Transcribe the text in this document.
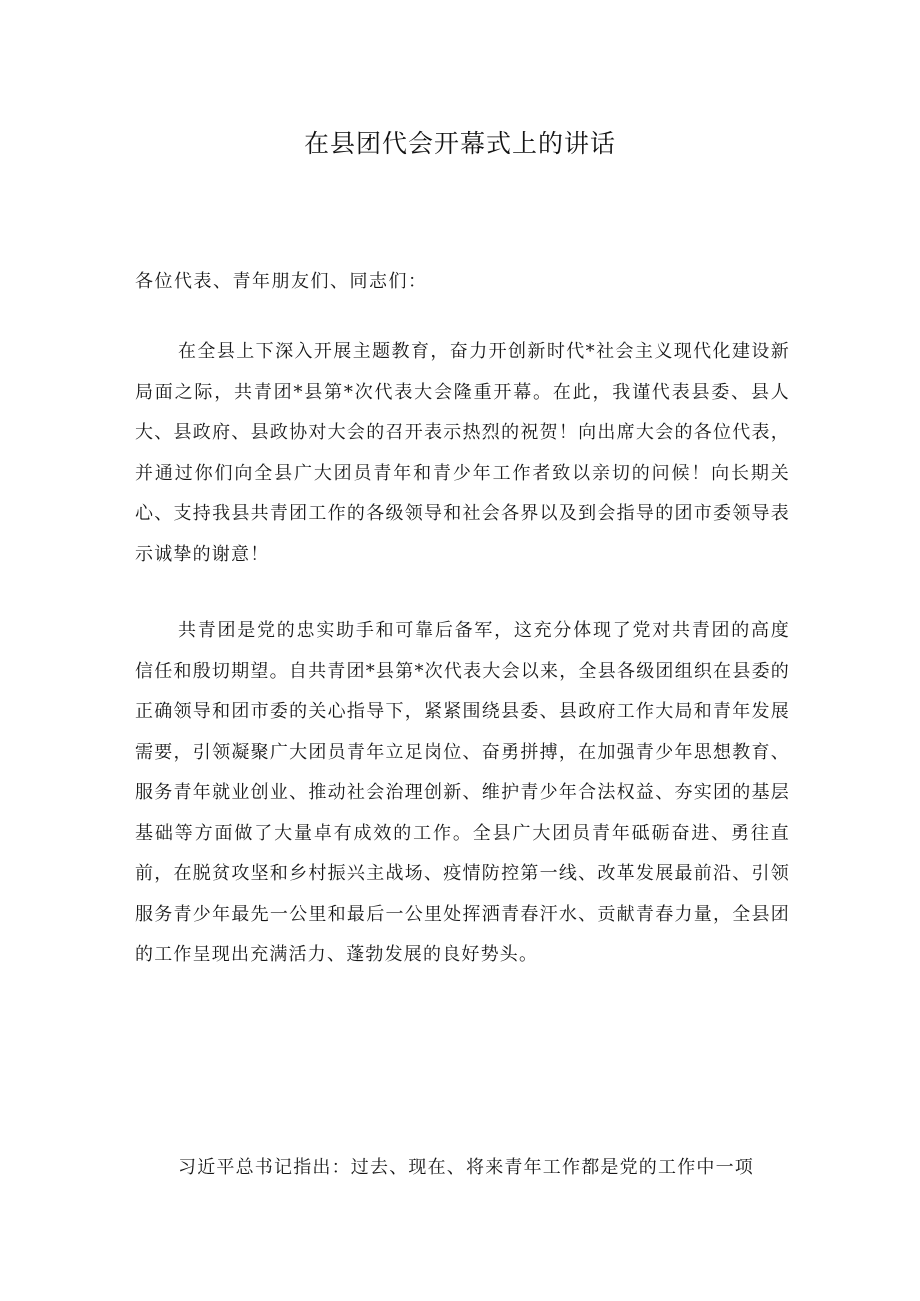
在县团代会开幕式上的讲话
各位代表、青年朋友们、同志们：

在全县上下深入开展主题教育，奋力开创新时代*社会主义现代化建设新局面之际，共青团*县第*次代表大会隆重开幕。在此，我谨代表县委、县人大、县政府、县政协对大会的召开表示热烈的祝贺！向出席大会的各位代表，并通过你们向全县广大团员青年和青少年工作者致以亲切的问候！向长期关心、支持我县共青团工作的各级领导和社会各界以及到会指导的团市委领导表示诚挚的谢意！

共青团是党的忠实助手和可靠后备军，这充分体现了党对共青团的高度信任和殷切期望。自共青团*县第*次代表大会以来，全县各级团组织在县委的正确领导和团市委的关心指导下，紧紧围绕县委、县政府工作大局和青年发展需要，引领凝聚广大团员青年立足岗位、奋勇拼搏，在加强青少年思想教育、服务青年就业创业、推动社会治理创新、维护青少年合法权益、夯实团的基层基础等方面做了大量卓有成效的工作。全县广大团员青年砥砺奋进、勇往直前，在脱贫攻坚和乡村振兴主战场、疫情防控第一线、改革发展最前沿、引领服务青少年最先一公里和最后一公里处挥洒青春汗水、贡献青春力量，全县团的工作呈现出充满活力、蓬勃发展的良好势头。

习近平总书记指出：过去、现在、将来青年工作都是党的工作中一项
